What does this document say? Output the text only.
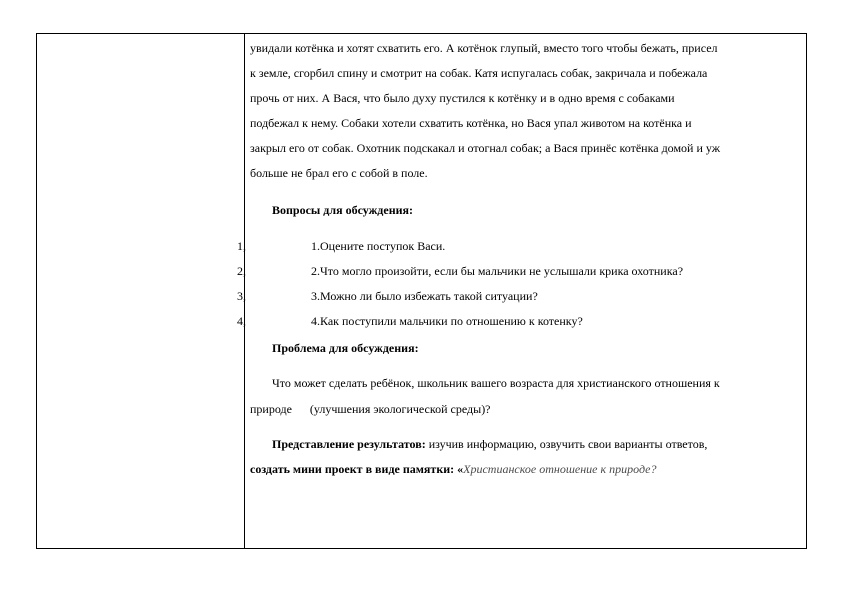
увидали котёнка и хотят схватить его. А котёнок глупый, вместо того чтобы бежать, присел
к земле, сгорбил спину и смотрит на собак. Катя испугалась собак, закричала и побежала
прочь от них. А Вася, что было духу пустился к котёнку и в одно время с собаками
подбежал к нему. Собаки хотели схватить котёнка, но Вася упал животом на котёнка и
закрыл его от собак. Охотник подскакал и отогнал собак; а Вася принёс котёнка домой и уж
больше не брал его с собой в поле.
Вопросы для обсуждения:
1,
2,
3,
4,
1.Оцените поступок Васи.
2.Что могло произойти, если бы мальчики не услышали крика охотника?
3.Можно ли было избежать такой ситуации?
4.Как поступили мальчики по отношению к котенку?
Проблема для обсуждения:
Что может сделать ребёнок, школьник вашего возраста для христианского отношения к
природе      (улучшения экологической среды)?
Представление результатов: изучив информацию, озвучить свои варианты ответов,
создать мини проект в виде памятки: «Христианское отношение к природе?
